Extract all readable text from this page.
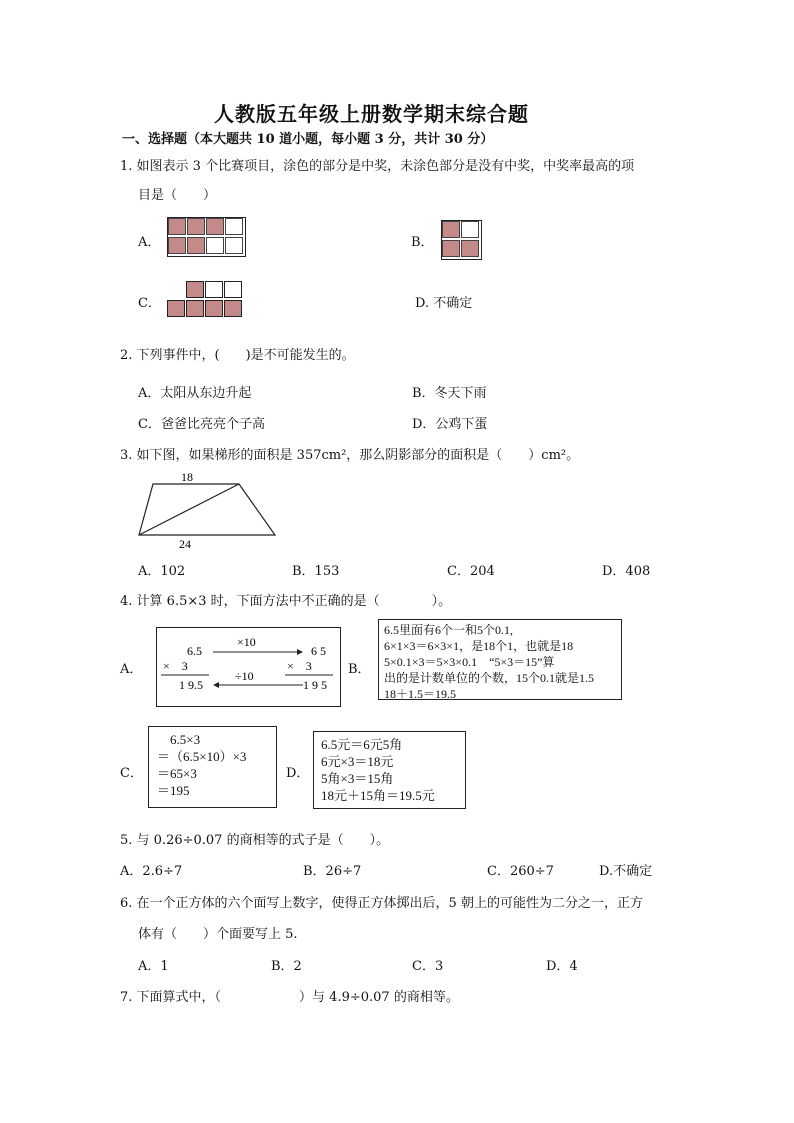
人教版五年级上册数学期末综合题
一、选择题（本大题共 10 道小题，每小题 3 分，共计 30 分）
1. 如图表示 3 个比赛项目，涂色的部分是中奖，未涂色部分是没有中奖，中奖率最高的项
目是（　　）
A．	B．
C．	D. 不确定
2. 下列事件中，(　　)是不可能发生的。
A．太阳从东边升起	B．冬天下雨
C．爸爸比亮亮个子高	D．公鸡下蛋
3. 如下图，如果梯形的面积是 357cm²，那么阴影部分的面积是（　　）cm²。
18
24
A．102	B．153	C．204	D．408
4. 计算 6.5×3 时，下面方法中不正确的是（　　　　）。
A．
6.5	6 5
×　3	×　3
1 9.5	1 9 5
×10
÷10	B．
6.5里面有6个一和5个0.1,
6×1×3＝6×3×1，是18个1，也就是18
5×0.1×3＝5×3×0.1　“5×3＝15”算
出的是计数单位的个数，15个0.1就是1.5
18＋1.5＝19.5
C．
　6.5×3
＝（6.5×10）×3
＝65×3
＝195
D．
6.5元＝6元5角
6元×3＝18元
5角×3＝15角
18元＋15角＝19.5元
5. 与 0.26÷0.07 的商相等的式子是（　　）。
A．2.6÷7	B．26÷7	C．260÷7	D.不确定
6. 在一个正方体的六个面写上数字，使得正方体掷出后，5 朝上的可能性为二分之一，正方
体有（　　）个面要写上 5.
A．1	B．2	C．3	D．4
7. 下面算式中，（　　　　　　）与 4.9÷0.07 的商相等。
